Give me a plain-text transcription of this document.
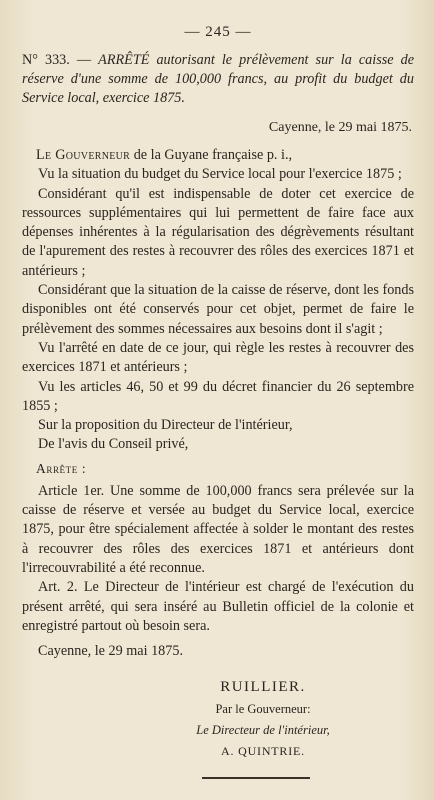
— 245 —

N° 333. — ARRÊTÉ autorisant le prélèvement sur la caisse de réserve d'une somme de 100,000 francs, au profit du budget du Service local, exercice 1875.

Cayenne, le 29 mai 1875.

Le Gouverneur de la Guyane française p. i.,

Vu la situation du budget du Service local pour l'exercice 1875 ;

Considérant qu'il est indispensable de doter cet exercice de ressources supplémentaires qui lui permettent de faire face aux dépenses inhérentes à la régularisation des dégrèvements résultant de l'apurement des restes à recouvrer des rôles des exercices 1871 et antérieurs ;

Considérant que la situation de la caisse de réserve, dont les fonds disponibles ont été conservés pour cet objet, permet de faire le prélèvement des sommes nécessaires aux besoins dont il s'agit ;

Vu l'arrêté en date de ce jour, qui règle les restes à recouvrer des exercices 1871 et antérieurs ;

Vu les articles 46, 50 et 99 du décret financier du 26 septembre 1855 ;

Sur la proposition du Directeur de l'intérieur,

De l'avis du Conseil privé,

Arrête :

Article 1er. Une somme de 100,000 francs sera prélevée sur la caisse de réserve et versée au budget du Service local, exercice 1875, pour être spécialement affectée à solder le montant des restes à recouvrer des rôles des exercices 1871 et antérieurs dont l'irrecouvrabilité a été reconnue.

Art. 2. Le Directeur de l'intérieur est chargé de l'exécution du présent arrêté, qui sera inséré au Bulletin officiel de la colonie et enregistré partout où besoin sera.

Cayenne, le 29 mai 1875.

RUILLIER.
Par le Gouverneur:
Le Directeur de l'intérieur,
A. QUINTRIE.
